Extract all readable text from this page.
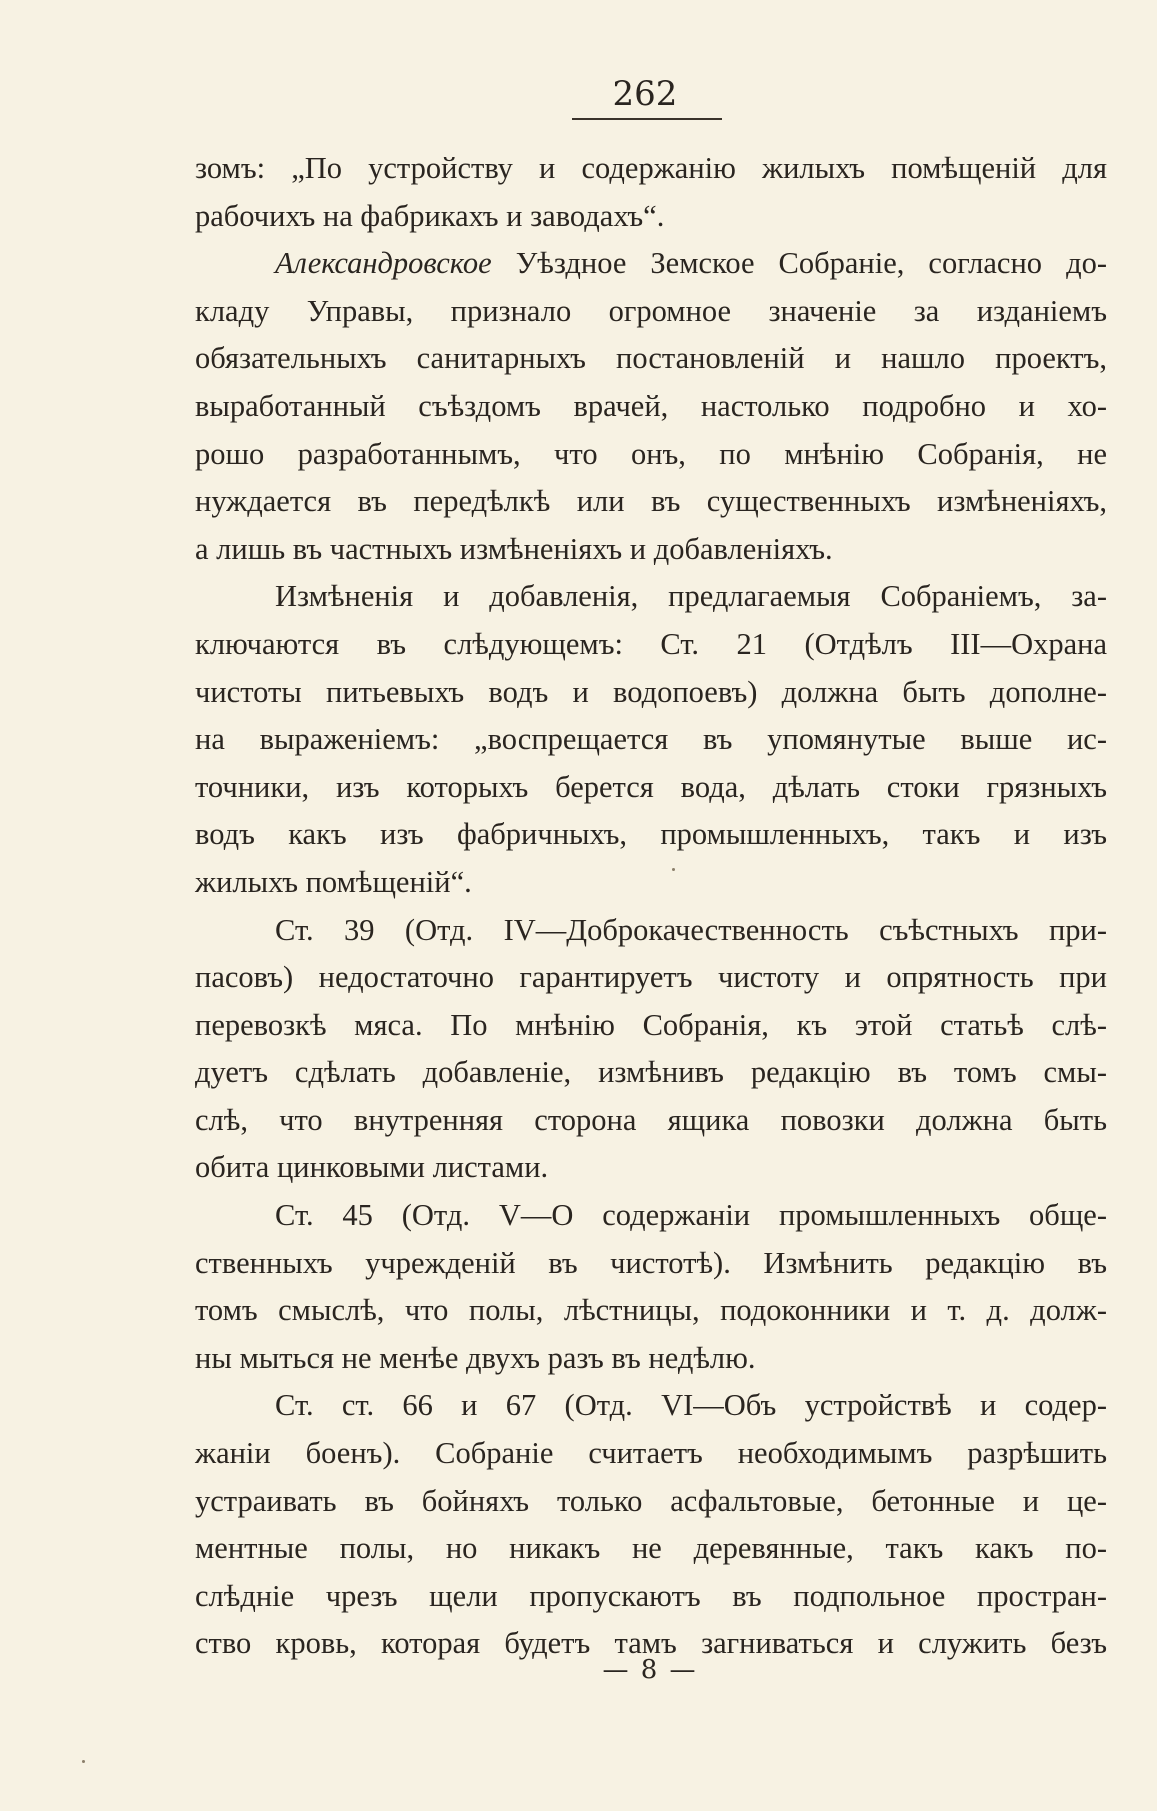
262

зомъ: „По устройству и содержанію жилыхъ помѣщеній для
рабочихъ на фабрикахъ и заводахъ“.

Александровское Уѣздное Земское Собраніе, согласно до-
кладу Управы, признало огромное значеніе за изданіемъ
обязательныхъ санитарныхъ постановленій и нашло проектъ,
выработанный съѣздомъ врачей, настолько подробно и хо-
рошо разработаннымъ, что онъ, по мнѣнію Собранія, не
нуждается въ передѣлкѣ или въ существенныхъ измѣненіяхъ,
а лишь въ частныхъ измѣненіяхъ и добавленіяхъ.

Измѣненія и добавленія, предлагаемыя Собраніемъ, за-
ключаются въ слѣдующемъ: Ст. 21 (Отдѣлъ III—Охрана
чистоты питьевыхъ водъ и водопоевъ) должна быть дополне-
на выраженіемъ: „воспрещается въ упомянутые выше ис-
точники, изъ которыхъ берется вода, дѣлать стоки грязныхъ
водъ какъ изъ фабричныхъ, промышленныхъ, такъ и изъ
жилыхъ помѣщеній“.

Ст. 39 (Отд. IV—Доброкачественность съѣстныхъ при-
пасовъ) недостаточно гарантируетъ чистоту и опрятность при
перевозкѣ мяса. По мнѣнію Собранія, къ этой статьѣ слѣ-
дуетъ сдѣлать добавленіе, измѣнивъ редакцію въ томъ смы-
слѣ, что внутренняя сторона ящика повозки должна быть
обита цинковыми листами.

Ст. 45 (Отд. V—О содержаніи промышленныхъ обще-
ственныхъ учрежденій въ чистотѣ). Измѣнить редакцію въ
томъ смыслѣ, что полы, лѣстницы, подоконники и т. д. долж-
ны мыться не менѣе двухъ разъ въ недѣлю.

Ст. ст. 66 и 67 (Отд. VI—Объ устройствѣ и содер-
жаніи боенъ). Собраніе считаетъ необходимымъ разрѣшить
устраивать въ бойняхъ только асфальтовые, бетонные и це-
ментные полы, но никакъ не деревянные, такъ какъ по-
слѣдніе чрезъ щели пропускаютъ въ подпольное простран-
ство кровь, которая будетъ тамъ загниваться и служить безъ

— 8 —
